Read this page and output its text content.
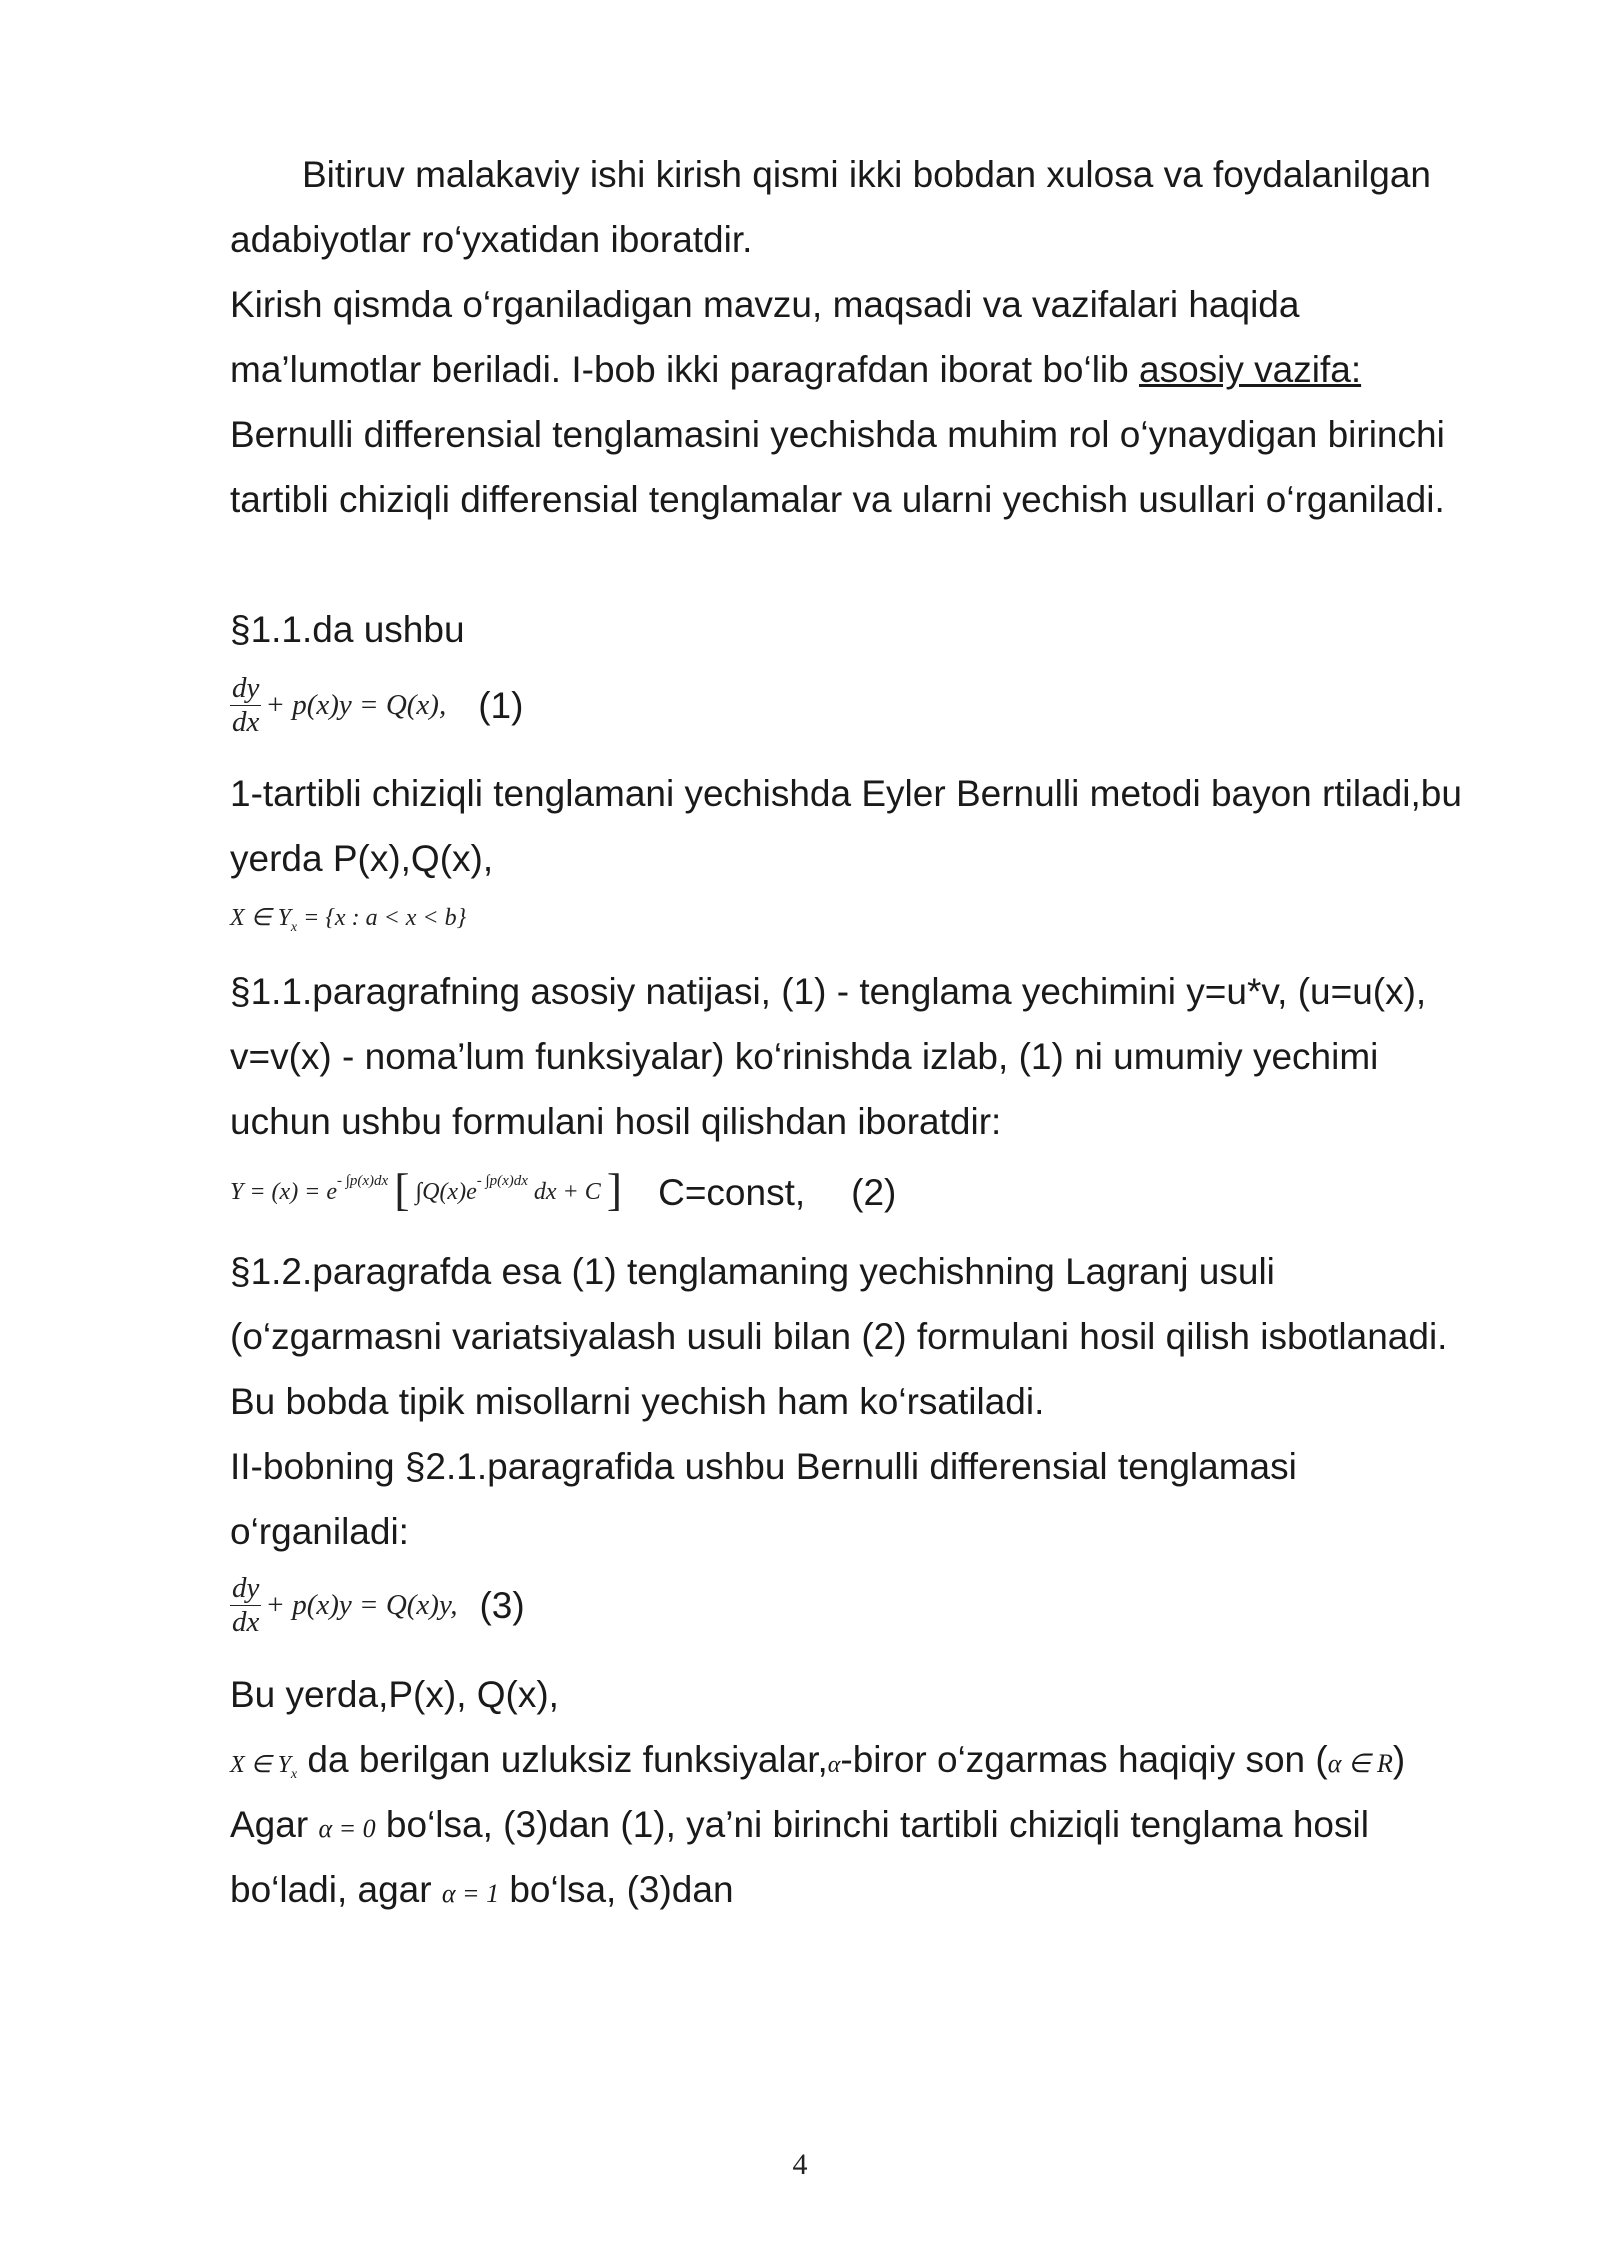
Bitiruv malakaviy ishi kirish qismi ikki bobdan xulosa va foydalanilgan
adabiyotlar ro‘yxatidan iboratdir.
Kirish qismda o‘rganiladigan mavzu, maqsadi va vazifalari haqida
ma’lumotlar beriladi. I-bob ikki paragrafdan iborat bo‘lib asosiy vazifa:
Bernulli differensial tenglamasini yechishda muhim rol o‘ynaydigan birinchi
tartibli chiziqli differensial tenglamalar va ularni yechish usullari o‘rganiladi.
§1.1.da ushbu
$\frac{dy}{dx} + p(x)y = Q(x)$, (1)
1-tartibli chiziqli tenglamani yechishda Eyler Bernulli metodi bayon rtiladi,bu
yerda P(x),Q(x),
X ∈ $Y_x = \{x$ : a < x < b}
§1.1.paragrafning asosiy natijasi, (1) - tenglama yechimini y=u*v, (u=u(x),
v=v(x) - noma’lum funksiyalar) ko‘rinishda izlab, (1) ni umumiy yechimi
uchun ushbu formulani hosil qilishdan iboratdir:
$Y = (x) = e^{- \int p(x)dx}$ [ $\int Q(x)e^{- \int p(x)dx}$ dx + C ] C=const, (2)
§1.2.paragrafda esa (1) tenglamaning yechishning Lagranj usuli
(o‘zgarmasni variatsiyalash usuli bilan (2) formulani hosil qilish isbotlanadi.
Bu bobda tipik misollarni yechish ham ko‘rsatiladi.
II-bobning §2.1.paragrafida ushbu Bernulli differensial tenglamasi
o‘rganiladi:
$\frac{dy}{dx} + p(x)y = Q(x)y$, (3)
Bu yerda,P(x), Q(x),
X ∈ $Y_x$ da berilgan uzluksiz funksiyalar,α-biror o‘zgarmas haqiqiy son (α ∈ R)
Agar α = 0 bo‘lsa, (3)dan (1), ya’ni birinchi tartibli chiziqli tenglama hosil
bo‘ladi, agar α = 1 bo‘lsa, (3)dan
4
